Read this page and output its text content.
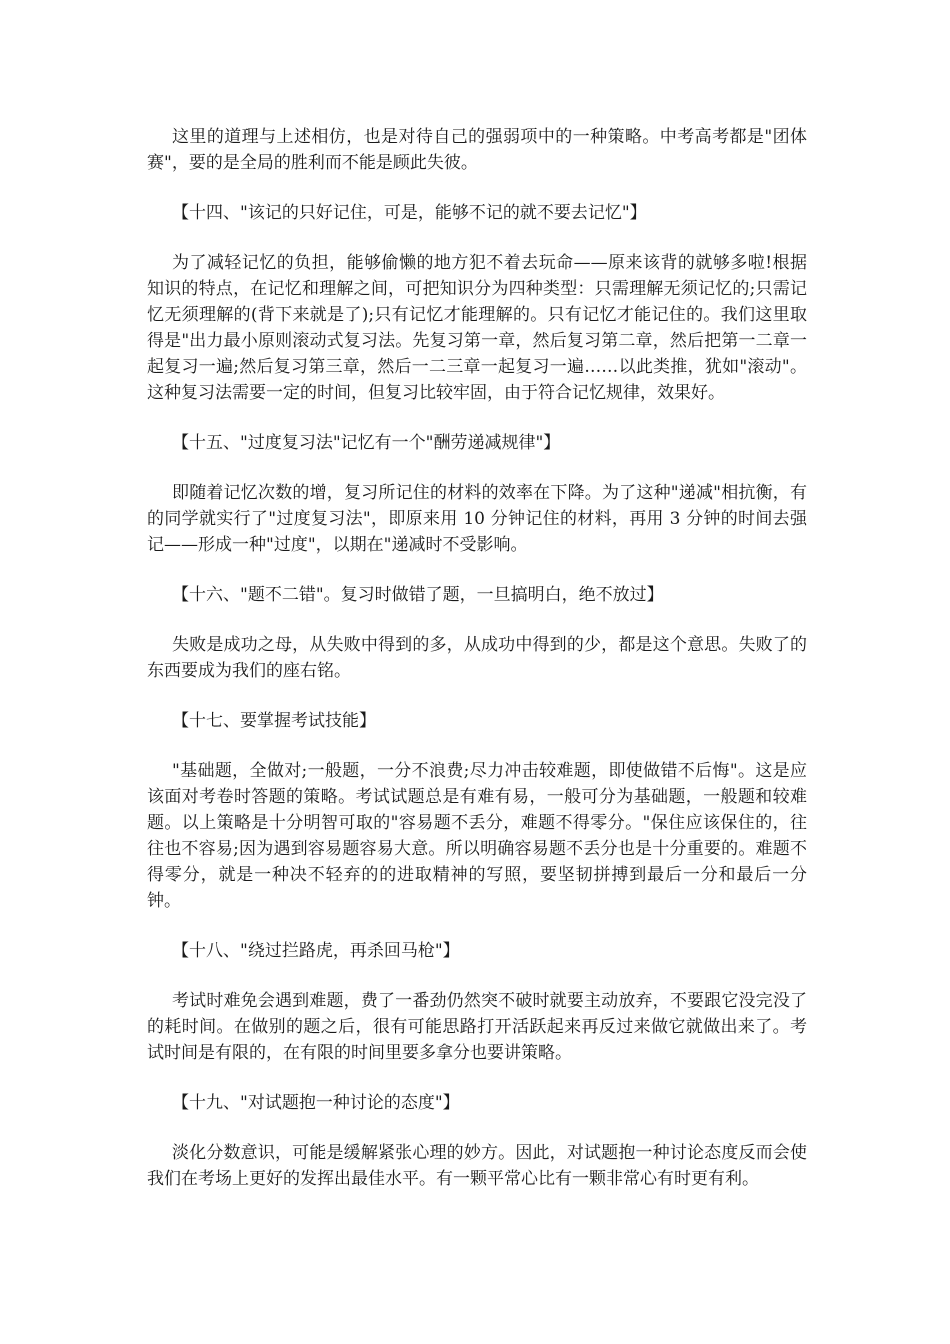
这里的道理与上述相仿，也是对待自己的强弱项中的一种策略。中考高考都是"团体赛"，要的是全局的胜利而不能是顾此失彼。

【十四、"该记的只好记住，可是，能够不记的就不要去记忆"】

为了减轻记忆的负担，能够偷懒的地方犯不着去玩命——原来该背的就够多啦!根据知识的特点，在记忆和理解之间，可把知识分为四种类型：只需理解无须记忆的;只需记忆无须理解的(背下来就是了);只有记忆才能理解的。只有记忆才能记住的。我们这里取得是"出力最小原则滚动式复习法。先复习第一章，然后复习第二章，然后把第一二章一起复习一遍;然后复习第三章，然后一二三章一起复习一遍……以此类推，犹如"滚动"。这种复习法需要一定的时间，但复习比较牢固，由于符合记忆规律，效果好。

【十五、"过度复习法"记忆有一个"酬劳递减规律"】

即随着记忆次数的增，复习所记住的材料的效率在下降。为了这种"递减"相抗衡，有的同学就实行了"过度复习法"，即原来用 10 分钟记住的材料，再用 3 分钟的时间去强记——形成一种"过度"，以期在"递减时不受影响。

【十六、"题不二错"。复习时做错了题，一旦搞明白，绝不放过】

失败是成功之母，从失败中得到的多，从成功中得到的少，都是这个意思。失败了的东西要成为我们的座右铭。

【十七、要掌握考试技能】

"基础题，全做对;一般题，一分不浪费;尽力冲击较难题，即使做错不后悔"。这是应该面对考卷时答题的策略。考试试题总是有难有易，一般可分为基础题，一般题和较难题。以上策略是十分明智可取的"容易题不丢分，难题不得零分。"保住应该保住的，往往也不容易;因为遇到容易题容易大意。所以明确容易题不丢分也是十分重要的。难题不得零分，就是一种决不轻弃的的进取精神的写照，要坚韧拼搏到最后一分和最后一分钟。

【十八、"绕过拦路虎，再杀回马枪"】

考试时难免会遇到难题，费了一番劲仍然突不破时就要主动放弃，不要跟它没完没了的耗时间。在做别的题之后，很有可能思路打开活跃起来再反过来做它就做出来了。考试时间是有限的，在有限的时间里要多拿分也要讲策略。

【十九、"对试题抱一种讨论的态度"】

淡化分数意识，可能是缓解紧张心理的妙方。因此，对试题抱一种讨论态度反而会使我们在考场上更好的发挥出最佳水平。有一颗平常心比有一颗非常心有时更有利。
